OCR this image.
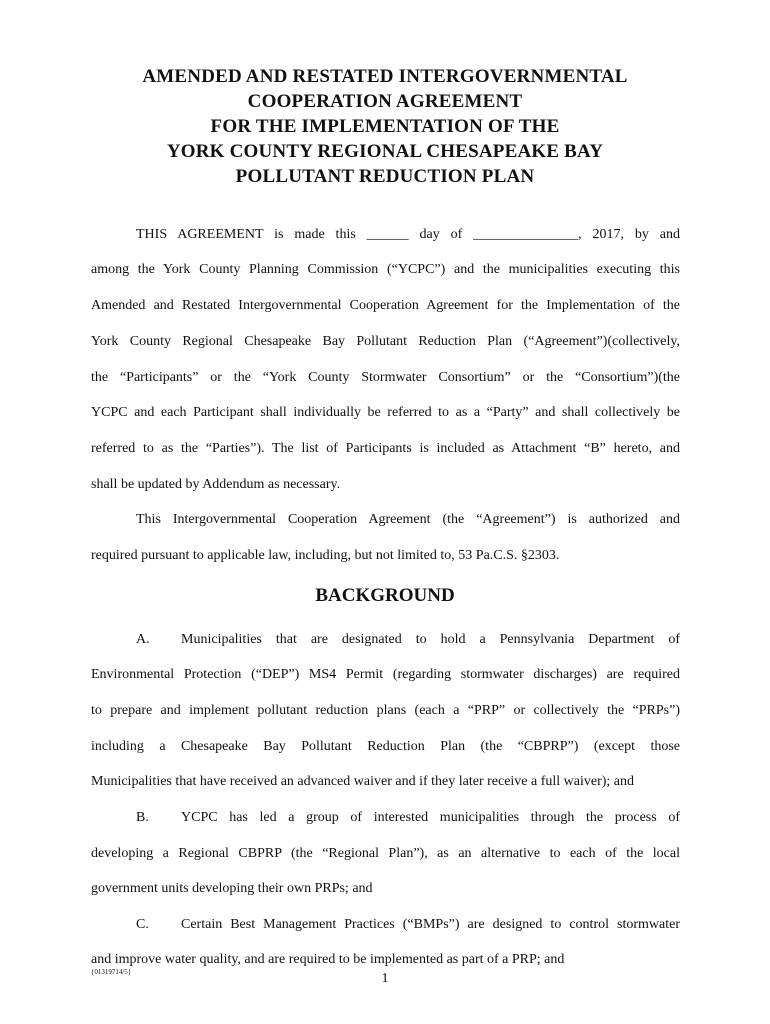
AMENDED AND RESTATED INTERGOVERNMENTAL
COOPERATION AGREEMENT
FOR THE IMPLEMENTATION OF THE
YORK COUNTY REGIONAL CHESAPEAKE BAY
POLLUTANT REDUCTION PLAN
THIS AGREEMENT is made this ______ day of _______________, 2017, by and
among the York County Planning Commission (“YCPC”) and the municipalities executing this
Amended and Restated Intergovernmental Cooperation Agreement for the Implementation of the
York County Regional Chesapeake Bay Pollutant Reduction Plan (“Agreement”)(collectively,
the “Participants” or the “York County Stormwater Consortium” or the “Consortium”)(the
YCPC and each Participant shall individually be referred to as a “Party” and shall collectively be
referred to as the “Parties”). The list of Participants is included as Attachment “B” hereto, and
shall be updated by Addendum as necessary.
This Intergovernmental Cooperation Agreement (the “Agreement”) is authorized and
required pursuant to applicable law, including, but not limited to, 53 Pa.C.S. §2303.
BACKGROUND
A. Municipalities that are designated to hold a Pennsylvania Department of
Environmental Protection (“DEP”) MS4 Permit (regarding stormwater discharges) are required
to prepare and implement pollutant reduction plans (each a “PRP” or collectively the “PRPs”)
including a Chesapeake Bay Pollutant Reduction Plan (the “CBPRP”) (except those
Municipalities that have received an advanced waiver and if they later receive a full waiver); and
B. YCPC has led a group of interested municipalities through the process of
developing a Regional CBPRP (the “Regional Plan”), as an alternative to each of the local
government units developing their own PRPs; and
C. Certain Best Management Practices (“BMPs”) are designed to control stormwater
and improve water quality, and are required to be implemented as part of a PRP; and
{01319714/5}	1
